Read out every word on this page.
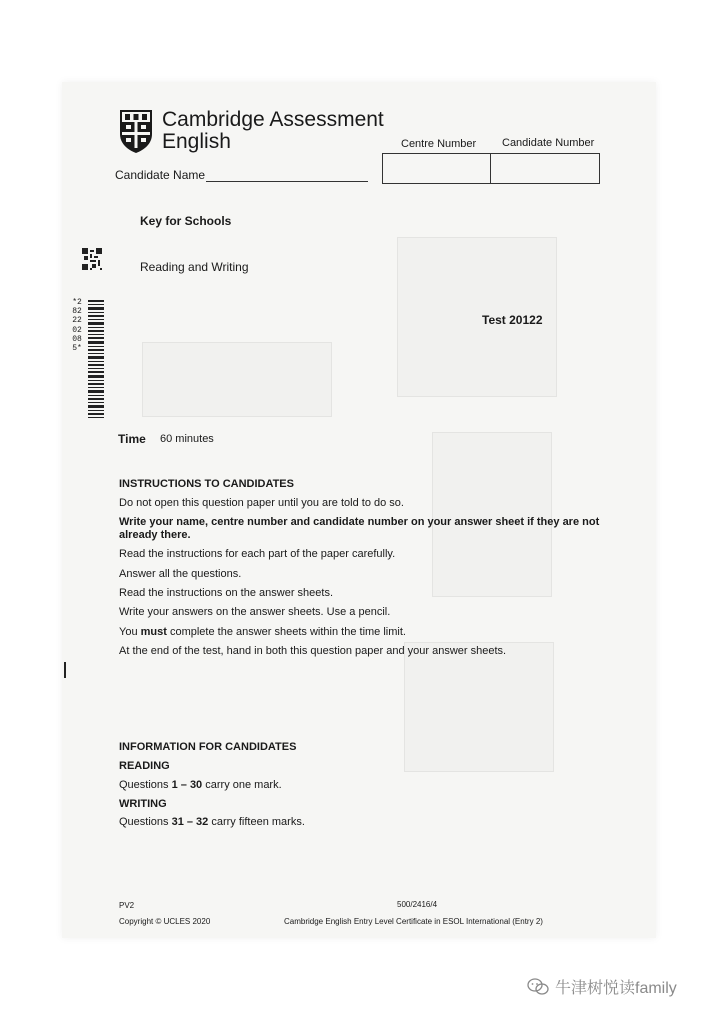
Cambridge Assessment
English	Centre Number Candidate Number
Candidate Name
*2822202085*
Key for Schools
Reading and Writing
Test 20122
Time 60 minutes
INSTRUCTIONS TO CANDIDATES
Do not open this question paper until you are told to do so.
Write your name, centre number and candidate number on your answer sheet if they are not already there.
Read the instructions for each part of the paper carefully.
Answer all the questions.
Read the instructions on the answer sheets.
Write your answers on the answer sheets. Use a pencil.
You must complete the answer sheets within the time limit.
At the end of the test, hand in both this question paper and your answer sheets.
INFORMATION FOR CANDIDATES
READING
Questions 1 – 30 carry one mark.
WRITING
Questions 31 – 32 carry fifteen marks.
PV2
Copyright © UCLES 2020
500/2416/4
Cambridge English Entry Level Certificate in ESOL International (Entry 2)
牛津树悦读family
